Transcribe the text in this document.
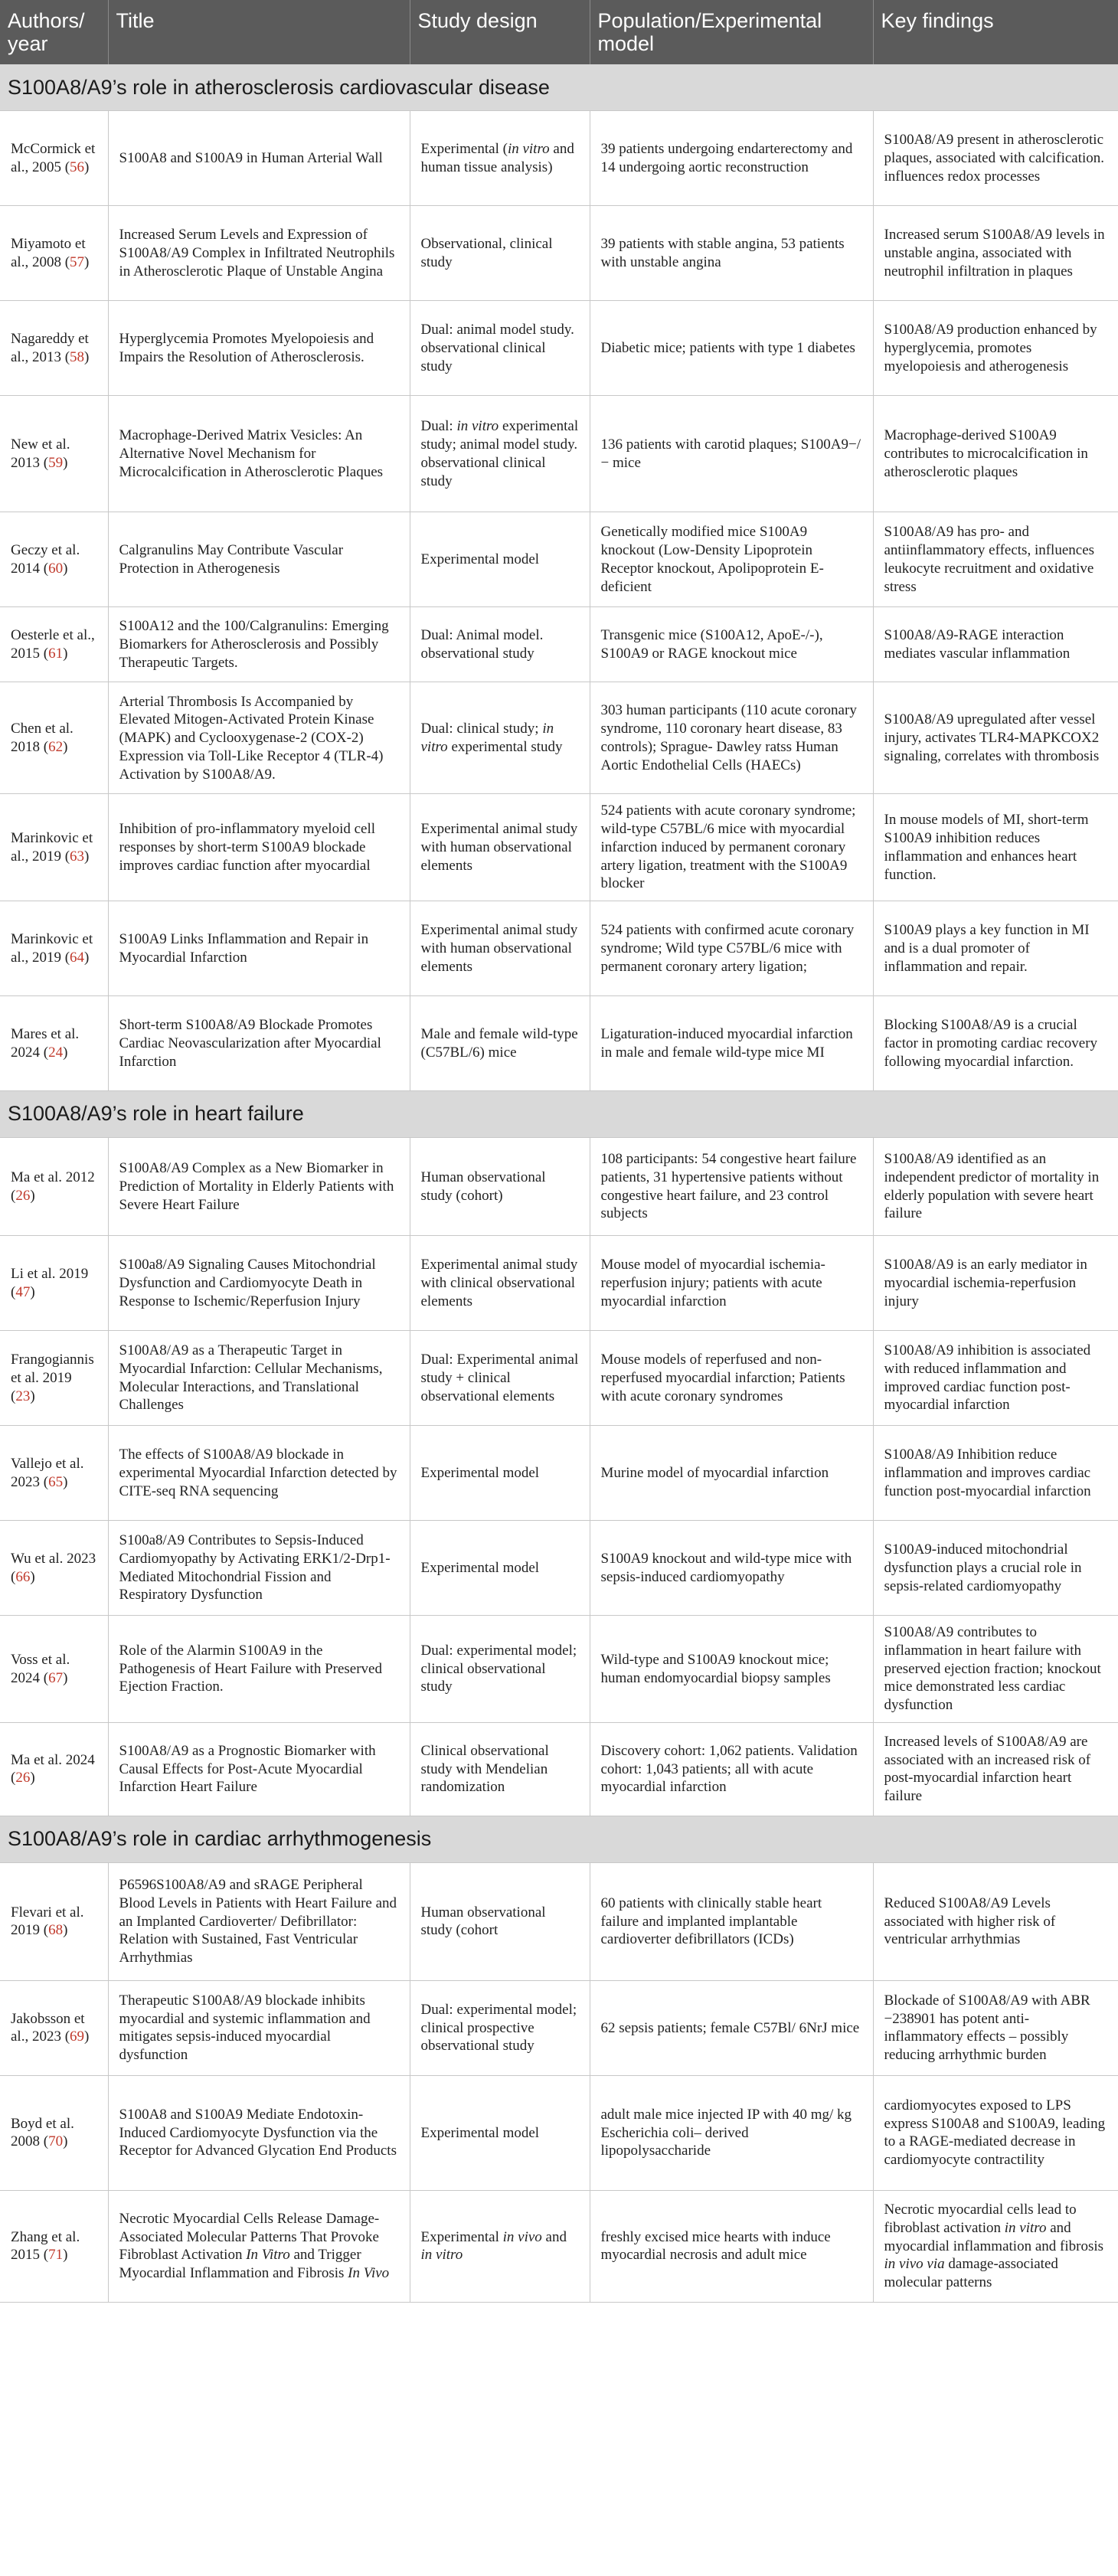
Authors/ year	Title	Study design	Population/Experimental model	Key findings
S100A8/A9’s role in atherosclerosis cardiovascular disease				
McCormick et al., 2005 (56)	S100A8 and S100A9 in Human Arterial Wall	Experimental (in vitro and human tissue analysis)	39 patients undergoing endarterectomy and 14 undergoing aortic reconstruction	S100A8/A9 present in atherosclerotic plaques, associated with calcification. influences redox processes
Miyamoto et al., 2008 (57)	Increased Serum Levels and Expression of S100A8/A9 Complex in Infiltrated Neutrophils in Atherosclerotic Plaque of Unstable Angina	Observational, clinical study	39 patients with stable angina, 53 patients with unstable angina	Increased serum S100A8/A9 levels in unstable angina, associated with neutrophil infiltration in plaques
Nagareddy et al., 2013 (58)	Hyperglycemia Promotes Myelopoiesis and Impairs the Resolution of Atherosclerosis.	Dual: animal model study. observational clinical study	Diabetic mice; patients with type 1 diabetes	S100A8/A9 production enhanced by hyperglycemia, promotes myelopoiesis and atherogenesis
New et al. 2013 (59)	Macrophage-Derived Matrix Vesicles: An Alternative Novel Mechanism for Microcalcification in Atherosclerotic Plaques	Dual: in vitro experimental study; animal model study. observational clinical study	136 patients with carotid plaques; S100A9−/− mice	Macrophage-derived S100A9 contributes to microcalcification in atherosclerotic plaques
Geczy et al. 2014 (60)	Calgranulins May Contribute Vascular Protection in Atherogenesis	Experimental model	Genetically modified mice S100A9 knockout (Low-Density Lipoprotein Receptor knockout, Apolipoprotein E-deficient	S100A8/A9 has pro- and antiinflammatory effects, influences leukocyte recruitment and oxidative stress
Oesterle et al., 2015 (61)	S100A12 and the 100/Calgranulins: Emerging Biomarkers for Atherosclerosis and Possibly Therapeutic Targets.	Dual: Animal model. observational study	Transgenic mice (S100A12, ApoE-/-), S100A9 or RAGE knockout mice	S100A8/A9-RAGE interaction mediates vascular inflammation
Chen et al. 2018 (62)	Arterial Thrombosis Is Accompanied by Elevated Mitogen-Activated Protein Kinase (MAPK) and Cyclooxygenase-2 (COX-2) Expression via Toll-Like Receptor 4 (TLR-4) Activation by S100A8/A9.	Dual: clinical study; in vitro experimental study	303 human participants (110 acute coronary syndrome, 110 coronary heart disease, 83 controls); Sprague- Dawley ratss Human Aortic Endothelial Cells (HAECs)	S100A8/A9 upregulated after vessel injury, activates TLR4-MAPKCOX2 signaling, correlates with thrombosis
Marinkovic et al., 2019 (63)	Inhibition of pro-inflammatory myeloid cell responses by short-term S100A9 blockade improves cardiac function after myocardial	Experimental animal study with human observational elements	524 patients with acute coronary syndrome; wild-type C57BL/6 mice with myocardial infarction induced by permanent coronary artery ligation, treatment with the S100A9 blocker	In mouse models of MI, short-term S100A9 inhibition reduces inflammation and enhances heart function.
Marinkovic et al., 2019 (64)	S100A9 Links Inflammation and Repair in Myocardial Infarction	Experimental animal study with human observational elements	524 patients with confirmed acute coronary syndrome; Wild type C57BL/6 mice with permanent coronary artery ligation;	S100A9 plays a key function in MI and is a dual promoter of inflammation and repair.
Mares et al. 2024 (24)	Short-term S100A8/A9 Blockade Promotes Cardiac Neovascularization after Myocardial Infarction	Male and female wild-type (C57BL/6) mice	Ligaturation-induced myocardial infarction in male and female wild-type mice MI	Blocking S100A8/A9 is a crucial factor in promoting cardiac recovery following myocardial infarction.
S100A8/A9’s role in heart failure				
Ma et al. 2012 (26)	S100A8/A9 Complex as a New Biomarker in Prediction of Mortality in Elderly Patients with Severe Heart Failure	Human observational study (cohort)	108 participants: 54 congestive heart failure patients, 31 hypertensive patients without congestive heart failure, and 23 control subjects	S100A8/A9 identified as an independent predictor of mortality in elderly population with severe heart failure
Li et al. 2019 (47)	S100a8/A9 Signaling Causes Mitochondrial Dysfunction and Cardiomyocyte Death in Response to Ischemic/Reperfusion Injury	Experimental animal study with clinical observational elements	Mouse model of myocardial ischemia-reperfusion injury; patients with acute myocardial infarction	S100A8/A9 is an early mediator in myocardial ischemia-reperfusion injury
Frangogiannis et al. 2019 (23)	S100A8/A9 as a Therapeutic Target in Myocardial Infarction: Cellular Mechanisms, Molecular Interactions, and Translational Challenges	Dual: Experimental animal study + clinical observational elements	Mouse models of reperfused and non-reperfused myocardial infarction; Patients with acute coronary syndromes	S100A8/A9 inhibition is associated with reduced inflammation and improved cardiac function post-myocardial infarction
Vallejo et al. 2023 (65)	The effects of S100A8/A9 blockade in experimental Myocardial Infarction detected by CITE-seq RNA sequencing	Experimental model	Murine model of myocardial infarction	S100A8/A9 Inhibition reduce inflammation and improves cardiac function post-myocardial infarction
Wu et al. 2023 (66)	S100a8/A9 Contributes to Sepsis-Induced Cardiomyopathy by Activating ERK1/2-Drp1-Mediated Mitochondrial Fission and Respiratory Dysfunction	Experimental model	S100A9 knockout and wild-type mice with sepsis-induced cardiomyopathy	S100A9-induced mitochondrial dysfunction plays a crucial role in sepsis-related cardiomyopathy
Voss et al. 2024 (67)	Role of the Alarmin S100A9 in the Pathogenesis of Heart Failure with Preserved Ejection Fraction.	Dual: experimental model; clinical observational study	Wild-type and S100A9 knockout mice; human endomyocardial biopsy samples	S100A8/A9 contributes to inflammation in heart failure with preserved ejection fraction; knockout mice demonstrated less cardiac dysfunction
Ma et al. 2024 (26)	S100A8/A9 as a Prognostic Biomarker with Causal Effects for Post-Acute Myocardial Infarction Heart Failure	Clinical observational study with Mendelian randomization	Discovery cohort: 1,062 patients. Validation cohort: 1,043 patients; all with acute myocardial infarction	Increased levels of S100A8/A9 are associated with an increased risk of post-myocardial infarction heart failure
S100A8/A9’s role in cardiac arrhythmogenesis				
Flevari et al. 2019 (68)	P6596S100A8/A9 and sRAGE Peripheral Blood Levels in Patients with Heart Failure and an Implanted Cardioverter/ Defibrillator: Relation with Sustained, Fast Ventricular Arrhythmias	Human observational study (cohort	60 patients with clinically stable heart failure and implanted implantable cardioverter defibrillators (ICDs)	Reduced S100A8/A9 Levels associated with higher risk of ventricular arrhythmias
Jakobsson et al., 2023 (69)	Therapeutic S100A8/A9 blockade inhibits myocardial and systemic inflammation and mitigates sepsis-induced myocardial dysfunction	Dual: experimental model; clinical prospective observational study	62 sepsis patients; female C57Bl/ 6NrJ mice	Blockade of S100A8/A9 with ABR −238901 has potent anti-inflammatory effects – possibly reducing arrhythmic burden
Boyd et al. 2008 (70)	S100A8 and S100A9 Mediate Endotoxin-Induced Cardiomyocyte Dysfunction via the Receptor for Advanced Glycation End Products	Experimental model	adult male mice injected IP with 40 mg/ kg Escherichia coli– derived lipopolysaccharide	cardiomyocytes exposed to LPS express S100A8 and S100A9, leading to a RAGE-mediated decrease in cardiomyocyte contractility
Zhang et al. 2015 (71)	Necrotic Myocardial Cells Release Damage-Associated Molecular Patterns That Provoke Fibroblast Activation In Vitro and Trigger Myocardial Inflammation and Fibrosis In Vivo	Experimental in vivo and in vitro	freshly excised mice hearts with induce myocardial necrosis and adult mice	Necrotic myocardial cells lead to fibroblast activation in vitro and myocardial inflammation and fibrosis in vivo via damage-associated molecular patterns
